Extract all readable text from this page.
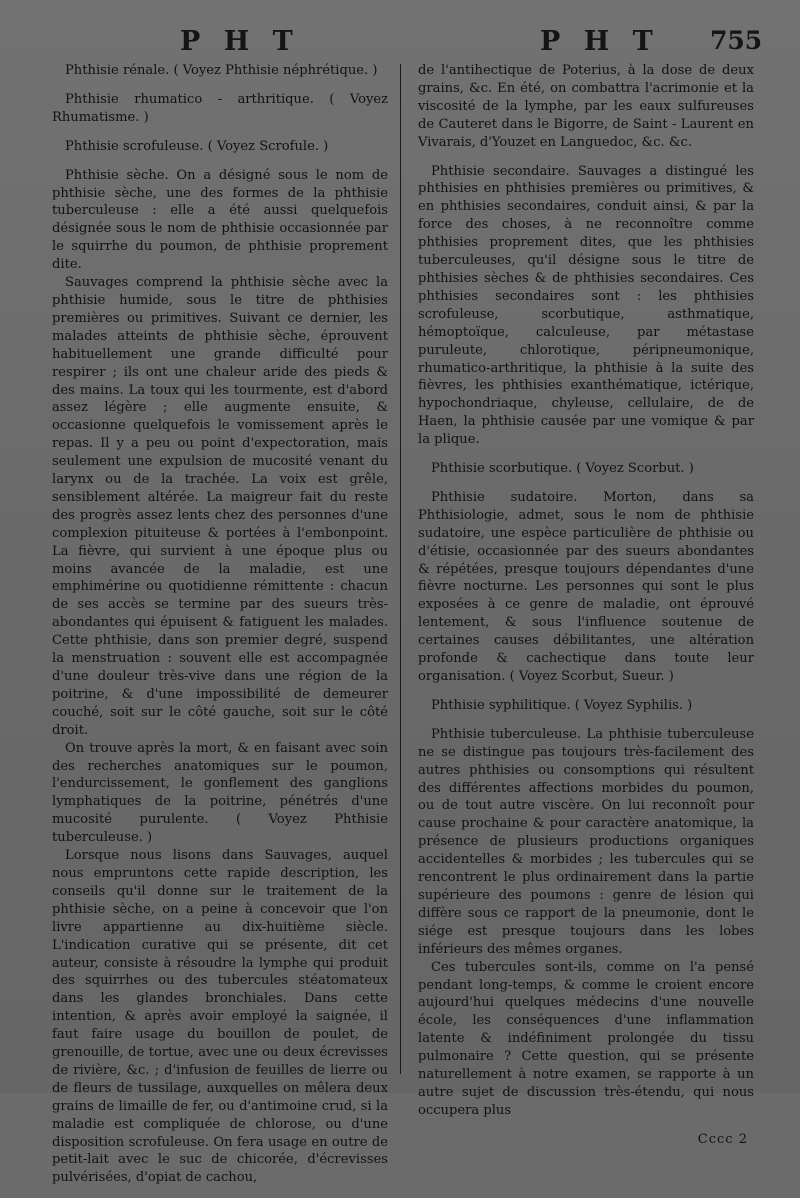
P H T	P H T 755

Phthisie rénale. ( Voyez Phthisie néphrétique. )

Phthisie rhumatico - arthritique. ( Voyez Rhumatisme. )

Phthisie scrofuleuse. ( Voyez Scrofule. )

Phthisie sèche. On a désigné sous le nom de phthisie sèche, une des formes de la phthisie tuberculeuse : elle a été aussi quelquefois désignée sous le nom de phthisie occasionnée par le squirrhe du poumon, de phthisie proprement dite.

Sauvages comprend la phthisie sèche avec la phthisie humide, sous le titre de phthisies premières ou primitives. Suivant ce dernier, les malades atteints de phthisie sèche, éprouvent habituellement une grande difficulté pour respirer ; ils ont une chaleur aride des pieds & des mains. La toux qui les tourmente, est d'abord assez légère ; elle augmente ensuite, & occasionne quelquefois le vomissement après le repas. Il y a peu ou point d'expectoration, mais seulement une expulsion de mucosité venant du larynx ou de la trachée. La voix est grêle, sensiblement altérée. La maigreur fait du reste des progrès assez lents chez des personnes d'une complexion pituiteuse & portées à l'embonpoint. La fièvre, qui survient à une époque plus ou moins avancée de la maladie, est une emphimérine ou quotidienne rémittente : chacun de ses accès se termine par des sueurs très-abondantes qui épuisent & fatiguent les malades. Cette phthisie, dans son premier degré, suspend la menstruation : souvent elle est accompagnée d'une douleur très-vive dans une région de la poitrine, & d'une impossibilité de demeurer couché, soit sur le côté gauche, soit sur le côté droit.

On trouve après la mort, & en faisant avec soin des recherches anatomiques sur le poumon, l'endurcissement, le gonflement des ganglions lymphatiques de la poitrine, pénétrés d'une mucosité purulente. ( Voyez Phthisie tuberculeuse. )

Lorsque nous lisons dans Sauvages, auquel nous empruntons cette rapide description, les conseils qu'il donne sur le traitement de la phthisie sèche, on a peine à concevoir que l'on livre appartienne au dix-huitième siècle. L'indication curative qui se présente, dit cet auteur, consiste à résoudre la lymphe qui produit des squirrhes ou des tubercules stéatomateux dans les glandes bronchiales. Dans cette intention, & après avoir employé la saignée, il faut faire usage du bouillon de poulet, de grenouille, de tortue, avec une ou deux écrevisses de rivière, &c. ; d'infusion de feuilles de lierre ou de fleurs de tussilage, auxquelles on mêlera deux grains de limaille de fer, ou d'antimoine crud, si la maladie est compliquée de chlorose, ou d'une disposition scrofuleuse. On fera usage en outre de petit-lait avec le suc de chicorée, d'écrevisses pulvérisées, d'opiat de cachou,

de l'antihectique de Poterius, à la dose de deux grains, &c. En été, on combattra l'acrimonie et la viscosité de la lymphe, par les eaux sulfureuses de Cauteret dans le Bigorre, de Saint - Laurent en Vivarais, d'Youzet en Languedoc, &c. &c.

Phthisie secondaire. Sauvages a distingué les phthisies en phthisies premières ou primitives, & en phthisies secondaires, conduit ainsi, & par la force des choses, à ne reconnoître comme phthisies proprement dites, que les phthisies tuberculeuses, qu'il désigne sous le titre de phthisies sèches & de phthisies secondaires. Ces phthisies secondaires sont : les phthisies scrofuleuse, scorbutique, asthmatique, hémoptoïque, calculeuse, par métastase puruleute, chlorotique, péripneumonique, rhumatico-arthritique, la phthisie à la suite des fièvres, les phthisies exanthématique, ictérique, hypochondriaque, chyleuse, cellulaire, de de Haen, la phthisie causée par une vomique & par la plique.

Phthisie scorbutique. ( Voyez Scorbut. )

Phthisie sudatoire. Morton, dans sa Phthisiologie, admet, sous le nom de phthisie sudatoire, une espèce particulière de phthisie ou d'étisie, occasionnée par des sueurs abondantes & répétées, presque toujours dépendantes d'une fièvre nocturne. Les personnes qui sont le plus exposées à ce genre de maladie, ont éprouvé lentement, & sous l'influence soutenue de certaines causes débilitantes, une altération profonde & cachectique dans toute leur organisation. ( Voyez Scorbut, Sueur. )

Phthisie syphilitique. ( Voyez Syphilis. )

Phthisie tuberculeuse. La phthisie tuberculeuse ne se distingue pas toujours très-facilement des autres phthisies ou consomptions qui résultent des différentes affections morbides du poumon, ou de tout autre viscère. On lui reconnoît pour cause prochaine & pour caractère anatomique, la présence de plusieurs productions organiques accidentelles & morbides ; les tubercules qui se rencontrent le plus ordinairement dans la partie supérieure des poumons : genre de lésion qui diffère sous ce rapport de la pneumonie, dont le siége est presque toujours dans les lobes inférieurs des mêmes organes.

Ces tubercules sont-ils, comme on l'a pensé pendant long-temps, & comme le croient encore aujourd'hui quelques médecins d'une nouvelle école, les conséquences d'une inflammation latente & indéfiniment prolongée du tissu pulmonaire ? Cette question, qui se présente naturellement à notre examen, se rapporte à un autre sujet de discussion très-étendu, qui nous occupera plus

Cccc 2
